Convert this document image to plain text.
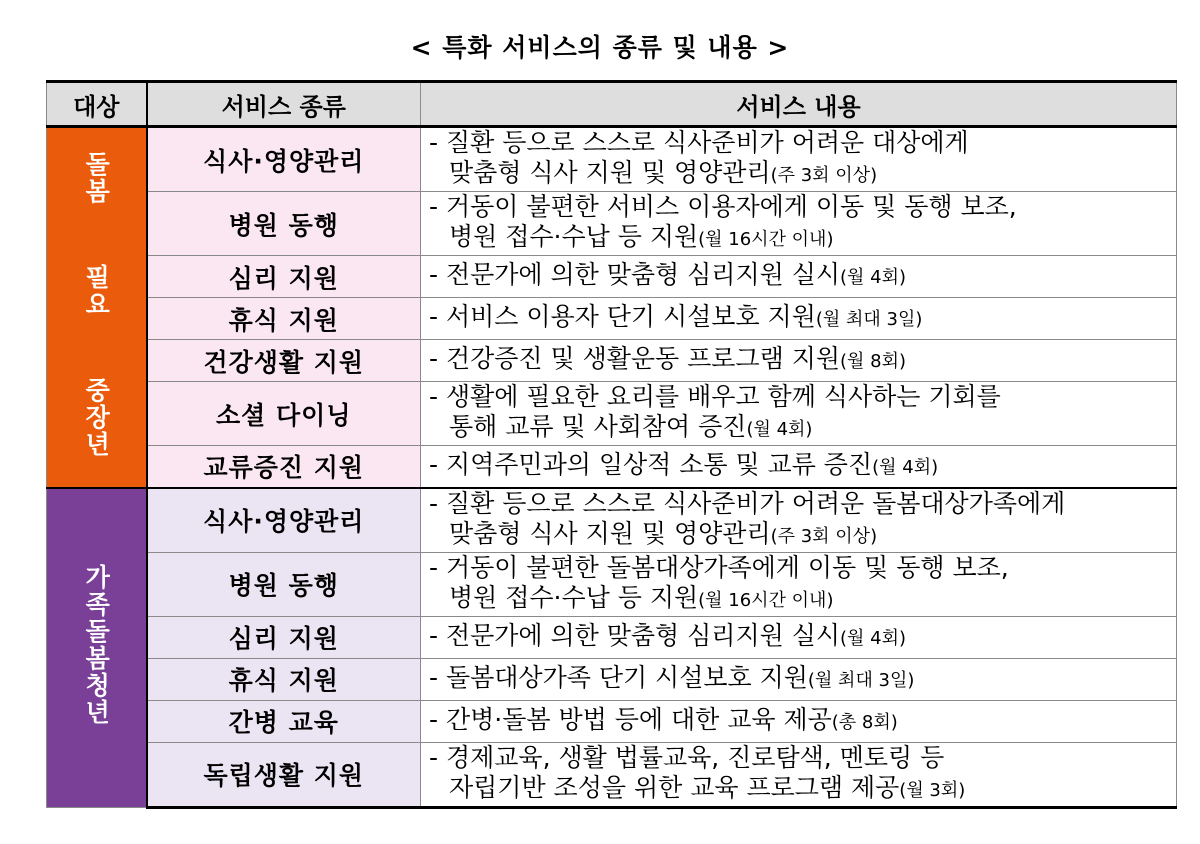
< 특화 서비스의 종류 및 내용 >
대상	서비스 종류	서비스 내용
돌봄 필요 중장년	식사·영양관리	- 질환 등으로 스스로 식사준비가 어려운 대상에게
맞춤형 식사 지원 및 영양관리(주 3회 이상)

	병원 동행	- 거동이 불편한 서비스 이용자에게 이동 및 동행 보조,
병원 접수·수납 등 지원(월 16시간 이내)

	심리 지원	- 전문가에 의한 맞춤형 심리지원 실시(월 4회)

	휴식 지원	- 서비스 이용자 단기 시설보호 지원(월 최대 3일)

	건강생활 지원	- 건강증진 및 생활운동 프로그램 지원(월 8회)

	소셜 다이닝	- 생활에 필요한 요리를 배우고 함께 식사하는 기회를
통해 교류 및 사회참여 증진(월 4회)

	교류증진 지원	- 지역주민과의 일상적 소통 및 교류 증진(월 4회)

가족돌봄청년	식사·영양관리	- 질환 등으로 스스로 식사준비가 어려운 돌봄대상가족에게
맞춤형 식사 지원 및 영양관리(주 3회 이상)

	병원 동행	- 거동이 불편한 돌봄대상가족에게 이동 및 동행 보조,
병원 접수·수납 등 지원(월 16시간 이내)

	심리 지원	- 전문가에 의한 맞춤형 심리지원 실시(월 4회)

	휴식 지원	- 돌봄대상가족 단기 시설보호 지원(월 최대 3일)

	간병 교육	- 간병·돌봄 방법 등에 대한 교육 제공(총 8회)

	독립생활 지원	- 경제교육, 생활 법률교육, 진로탐색, 멘토링 등
자립기반 조성을 위한 교육 프로그램 제공(월 3회)
